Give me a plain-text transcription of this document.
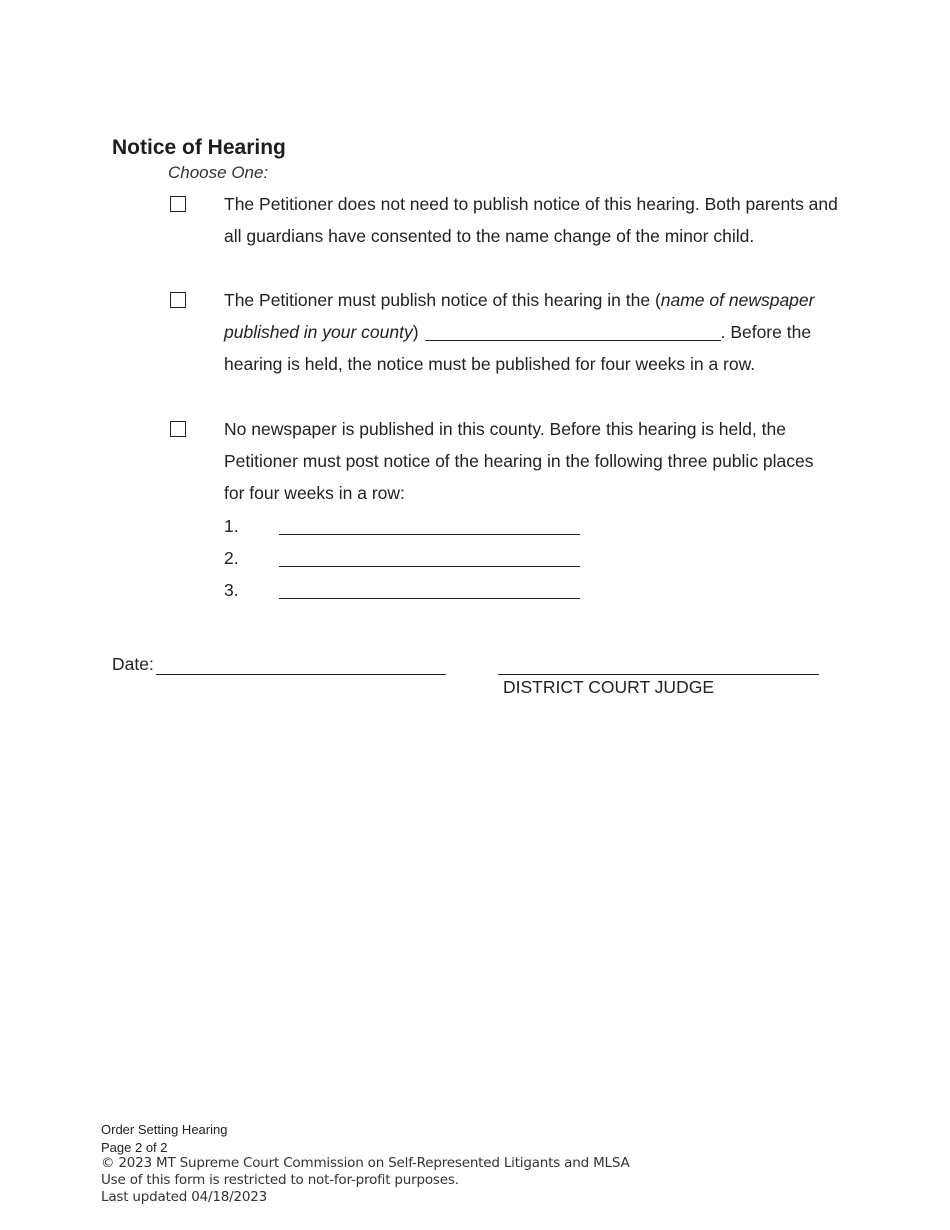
Notice of Hearing
Choose One:
The Petitioner does not need to publish notice of this hearing. Both parents and all guardians have consented to the name change of the minor child.
The Petitioner must publish notice of this hearing in the (name of newspaper published in your county)	. Before the hearing is held, the notice must be published for four weeks in a row.
No newspaper is published in this county. Before this hearing is held, the Petitioner must post notice of the hearing in the following three public places for four weeks in a row:
1.
2.
3.
Date:
DISTRICT COURT JUDGE
Order Setting Hearing
Page 2 of 2
© 2023 MT Supreme Court Commission on Self-Represented Litigants and MLSA
Use of this form is restricted to not-for-profit purposes.
Last updated 04/18/2023
